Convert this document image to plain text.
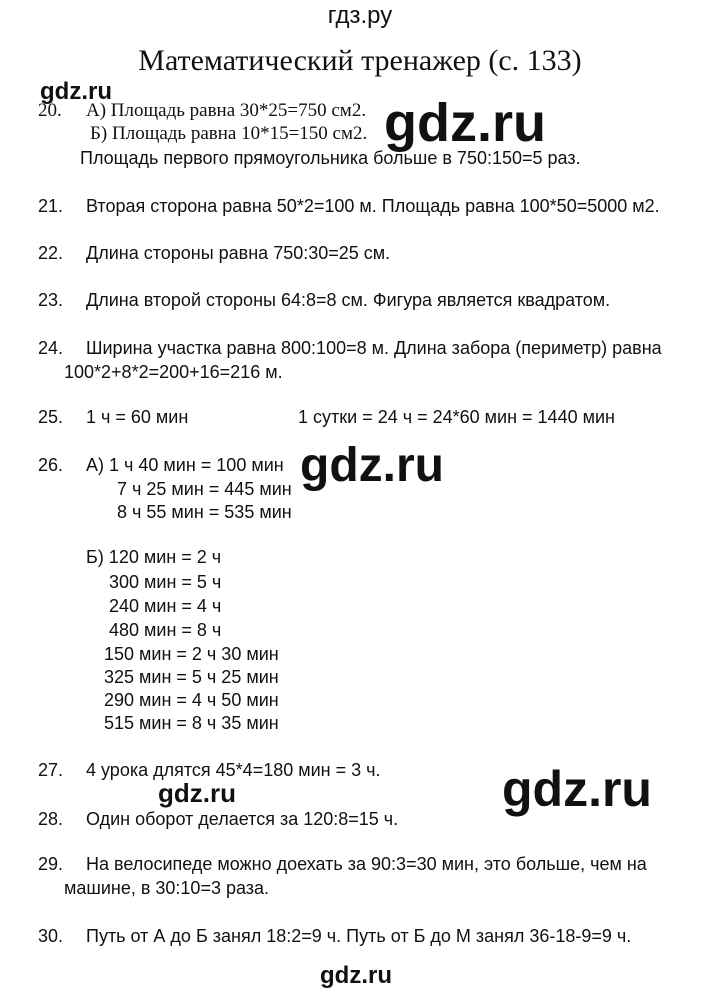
гдз.ру
Математический тренажер (с. 133)
gdz.ru
gdz.ru
gdz.ru
gdz.ru
gdz.ru
gdz.ru
20. А) Площадь равна 30*25=750 см2.
Б) Площадь равна 10*15=150 см2.
Площадь первого прямоугольника больше в 750:150=5 раз.
21. Вторая сторона равна 50*2=100 м. Площадь равна 100*50=5000 м2.
22. Длина стороны равна 750:30=25 см.
23. Длина второй стороны 64:8=8 см. Фигура является квадратом.
24. Ширина участка равна 800:100=8 м. Длина забора (периметр) равна
100*2+8*2=200+16=216 м.
25. 1 ч = 60 мин	1 сутки = 24 ч = 24*60 мин = 1440 мин
26. А) 1 ч 40 мин = 100 мин
7 ч 25 мин = 445 мин
8 ч 55 мин = 535 мин
Б) 120 мин = 2 ч
300 мин = 5 ч
240 мин = 4 ч
480 мин = 8 ч
150 мин = 2 ч 30 мин
325 мин = 5 ч 25 мин
290 мин = 4 ч 50 мин
515 мин = 8 ч 35 мин
27. 4 урока длятся 45*4=180 мин = 3 ч.
28. Один оборот делается за 120:8=15 ч.
29. На велосипеде можно доехать за 90:3=30 мин, это больше, чем на
машине, в 30:10=3 раза.
30. Путь от А до Б занял 18:2=9 ч. Путь от Б до М занял 36-18-9=9 ч.
